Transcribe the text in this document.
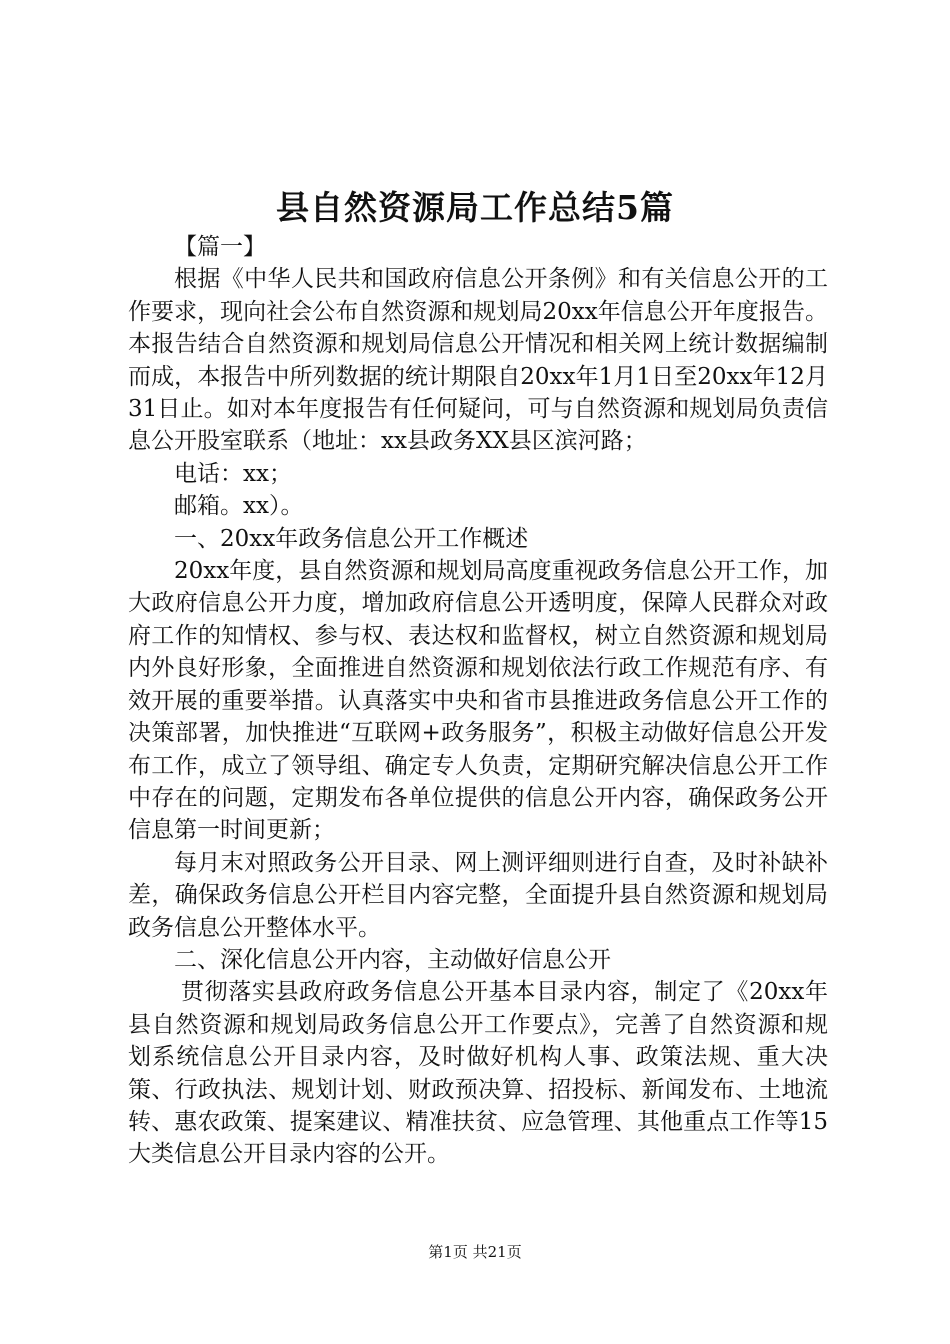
县自然资源局工作总结5篇

【篇一】

根据《中华人民共和国政府信息公开条例》和有关信息公开的工作要求，现向社会公布自然资源和规划局20xx年信息公开年度报告。本报告结合自然资源和规划局信息公开情况和相关网上统计数据编制而成，本报告中所列数据的统计期限自20xx年1月1日至20xx年12月31日止。如对本年度报告有任何疑问，可与自然资源和规划局负责信息公开股室联系（地址：xx县政务XX县区滨河路；

电话：xx；

邮箱。xx）。

一、20xx年政务信息公开工作概述

20xx年度，县自然资源和规划局高度重视政务信息公开工作，加大政府信息公开力度，增加政府信息公开透明度，保障人民群众对政府工作的知情权、参与权、表达权和监督权，树立自然资源和规划局内外良好形象，全面推进自然资源和规划依法行政工作规范有序、有效开展的重要举措。认真落实中央和省市县推进政务信息公开工作的决策部署，加快推进“互联网+政务服务”，积极主动做好信息公开发布工作，成立了领导组、确定专人负责，定期研究解决信息公开工作中存在的问题，定期发布各单位提供的信息公开内容，确保政务公开信息第一时间更新；

每月末对照政务公开目录、网上测评细则进行自查，及时补缺补差，确保政务信息公开栏目内容完整，全面提升县自然资源和规划局政务信息公开整体水平。

二、深化信息公开内容，主动做好信息公开

贯彻落实县政府政务信息公开基本目录内容，制定了《20xx年县自然资源和规划局政务信息公开工作要点》，完善了自然资源和规划系统信息公开目录内容，及时做好机构人事、政策法规、重大决策、行政执法、规划计划、财政预决算、招投标、新闻发布、土地流转、惠农政策、提案建议、精准扶贫、应急管理、其他重点工作等15大类信息公开目录内容的公开。

第1页 共21页
